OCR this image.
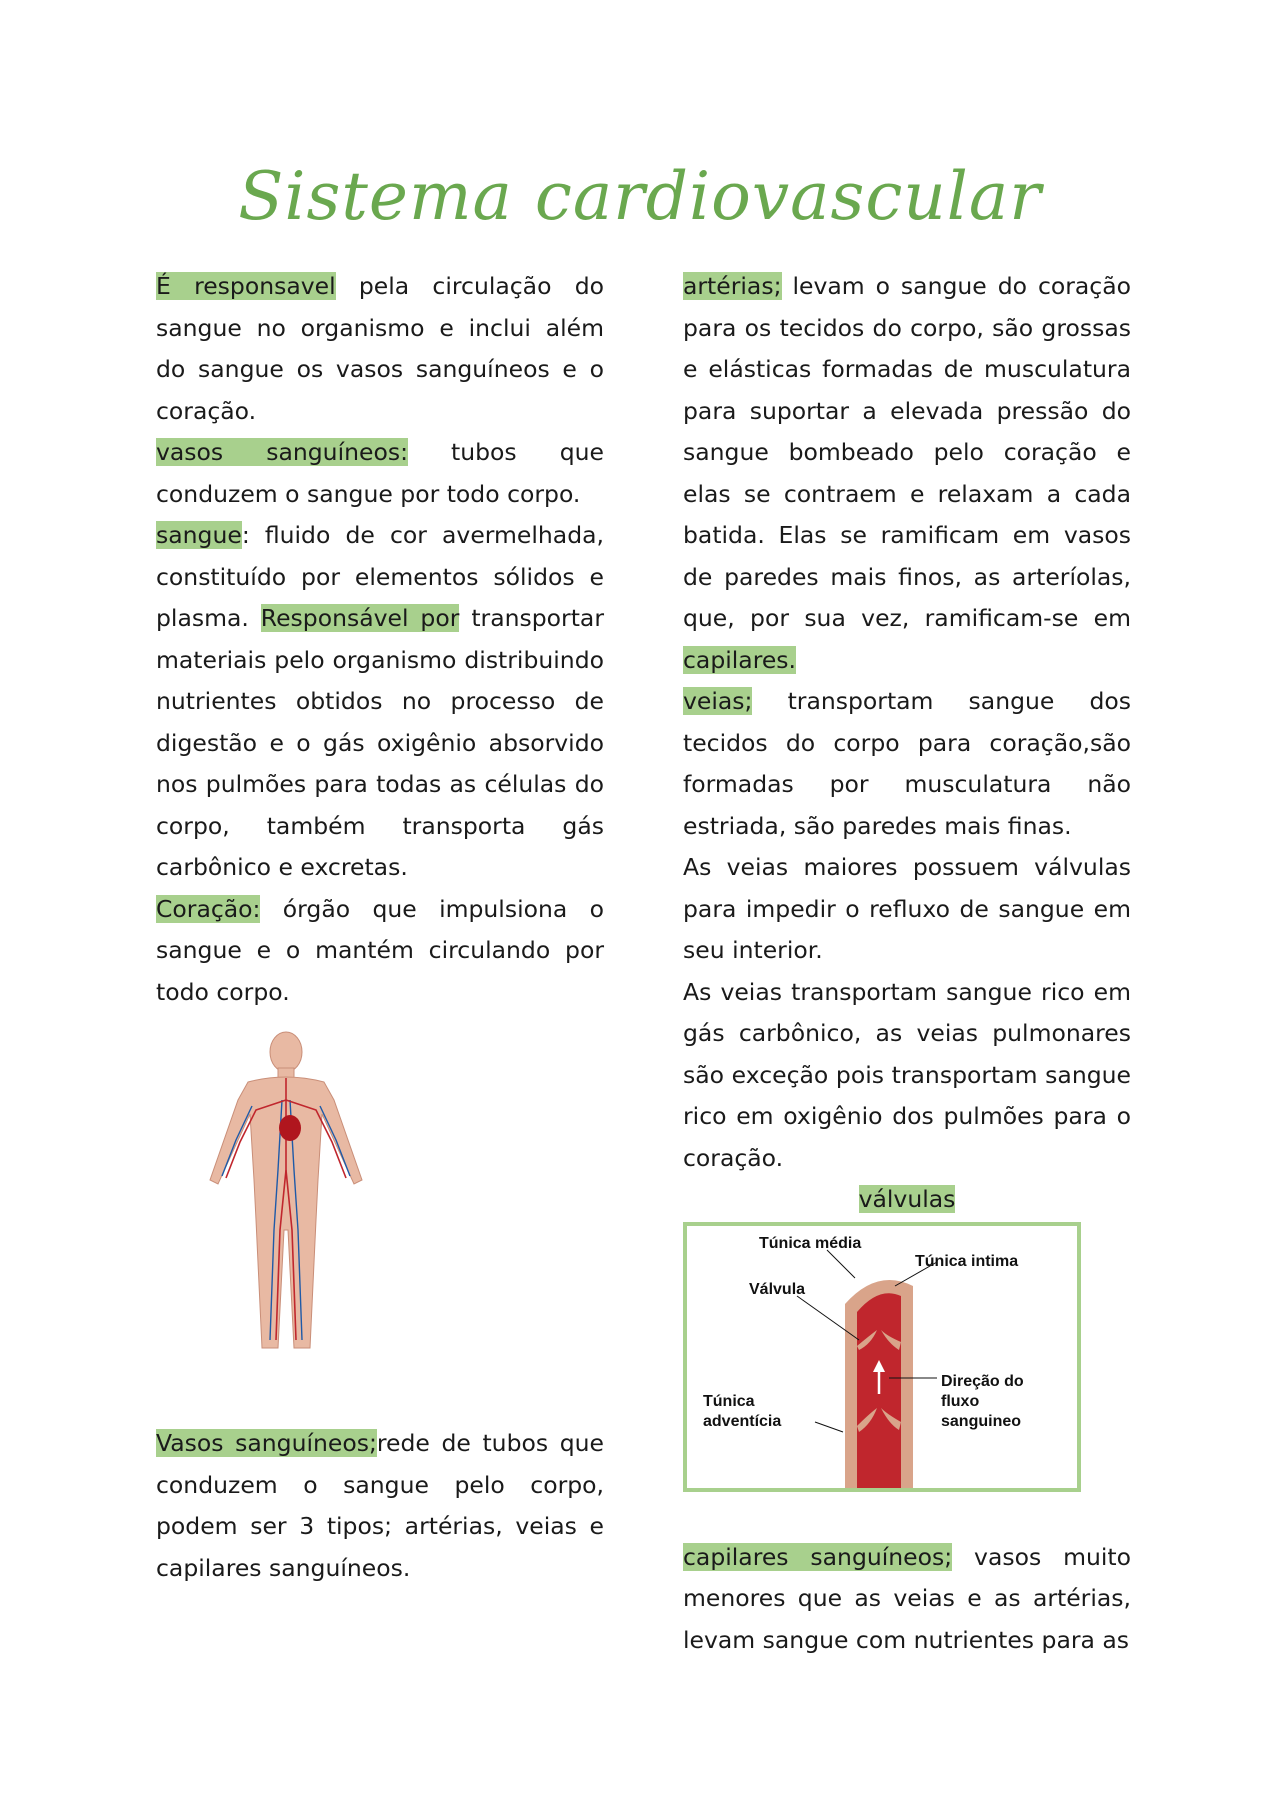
Sistema cardiovascular

É responsavel pela circulação do sangue no organismo e inclui além do sangue os vasos sanguíneos e o coração.

vasos sanguíneos: tubos que conduzem o sangue por todo corpo.

sangue: fluido de cor avermelhada, constituído por elementos sólidos e plasma. Responsável por transportar materiais pelo organismo distribuindo nutrientes obtidos no processo de digestão e o gás oxigênio absorvido nos pulmões para todas as células do corpo, também transporta gás carbônico e excretas.

Coração: órgão que impulsiona o sangue e o mantém circulando por todo corpo.

Vasos sanguíneos;rede de tubos que conduzem o sangue pelo corpo, podem ser 3 tipos; artérias, veias e capilares sanguíneos.

artérias; levam o sangue do coração para os tecidos do corpo, são grossas e elásticas formadas de musculatura para suportar a elevada pressão do sangue bombeado pelo coração e elas se contraem e relaxam a cada batida. Elas se ramificam em vasos de paredes mais finos, as arteríolas, que, por sua vez, ramificam-se em capilares.

veias; transportam sangue dos tecidos do corpo para coração,são formadas por musculatura não estriada, são paredes mais finas.

As veias maiores possuem válvulas para impedir o refluxo de sangue em seu interior.

As veias transportam sangue rico em gás carbônico, as veias pulmonares são exceção pois transportam sangue rico em oxigênio dos pulmões para o coração.

válvulas

capilares sanguíneos; vasos muito menores que as veias e as artérias, levam sangue com nutrientes para as

Túnica média
Túnica intima
Válvula
Túnica
adventícia
Direção do
fluxo
sanguineo
